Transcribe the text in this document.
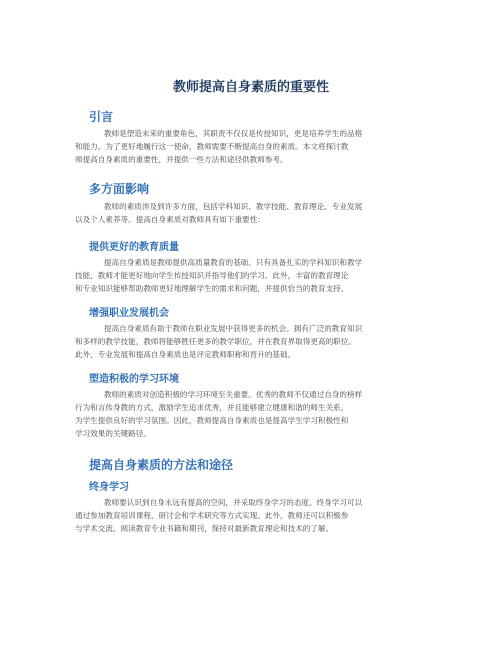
教师提高自身素质的重要性
引言
教师是塑造未来的重要角色，其职责不仅仅是传授知识，更是培养学生的品格
和能力。为了更好地履行这一使命，教师需要不断提高自身的素质。本文将探讨教
师提高自身素质的重要性，并提供一些方法和途径供教师参考。
多方面影响
教师的素质涉及到许多方面，包括学科知识、教学技能、教育理论、专业发展
以及个人素养等。提高自身素质对教师具有如下重要性：
提供更好的教育质量
提高自身素质是教师提供高质量教育的基础。只有具备扎实的学科知识和教学
技能，教师才能更好地向学生传授知识并指导他们的学习。此外，丰富的教育理论
和专业知识能够帮助教师更好地理解学生的需求和问题，并提供恰当的教育支持。
增强职业发展机会
提高自身素质有助于教师在职业发展中获得更多的机会。拥有广泛的教育知识
和多样的教学技能，教师将能够胜任更多的教学职位，并在教育界取得更高的职位。
此外，专业发展和提高自身素质也是评定教师职称和晋升的基础。
塑造积极的学习环境
教师的素质对创造积极的学习环境至关重要。优秀的教师不仅通过自身的榜样
行为和言传身教的方式，激励学生追求优秀，并且能够建立健康和谐的师生关系，
为学生提供良好的学习氛围。因此，教师提高自身素质也是提高学生学习积极性和
学习效果的关键路径。
提高自身素质的方法和途径
终身学习
教师要认识到自身永远有提高的空间，并采取终身学习的态度。终身学习可以
通过参加教育培训课程、研讨会和学术研究等方式实现。此外，教师还可以积极参
与学术交流、阅读教育专业书籍和期刊，保持对最新教育理论和技术的了解。
